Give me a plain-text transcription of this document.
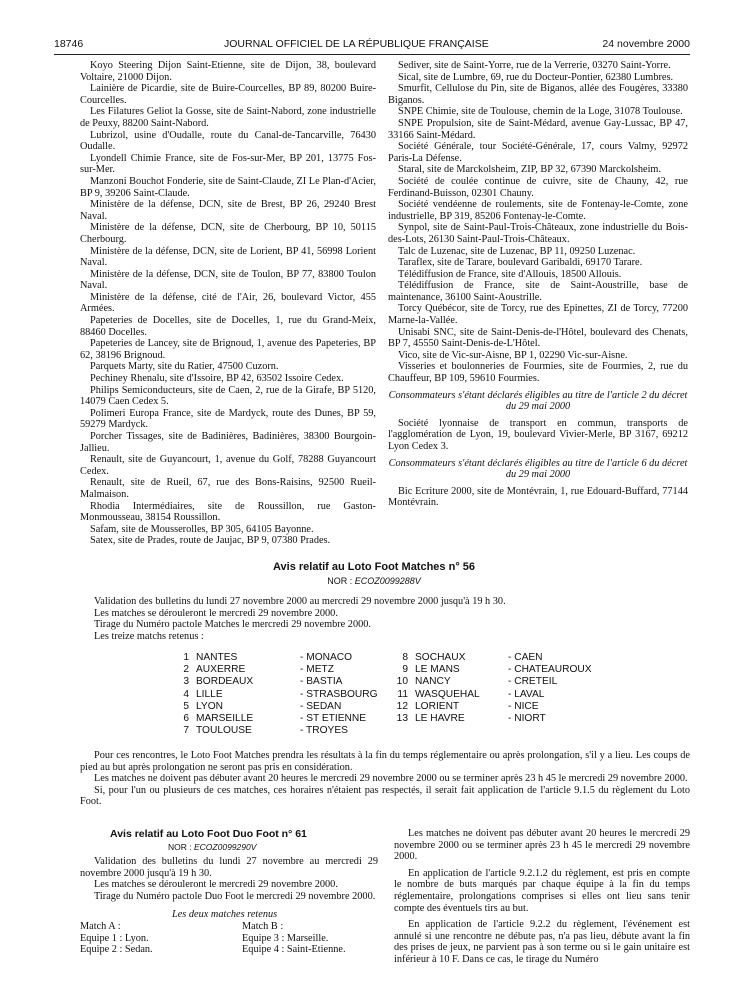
18746	JOURNAL OFFICIEL DE LA RÉPUBLIQUE FRANÇAISE	24 novembre 2000

Koyo Steering Dijon Saint-Etienne, site de Dijon, 38, boulevard Voltaire, 21000 Dijon.

Lainière de Picardie, site de Buire-Courcelles, BP 89, 80200 Buire-Courcelles.

Les Filatures Geliot la Gosse, site de Saint-Nabord, zone industrielle de Peuxy, 88200 Saint-Nabord.

Lubrizol, usine d'Oudalle, route du Canal-de-Tancarville, 76430 Oudalle.

Lyondell Chimie France, site de Fos-sur-Mer, BP 201, 13775 Fos-sur-Mer.

Manzoni Bouchot Fonderie, site de Saint-Claude, ZI Le Plan-d'Acier, BP 9, 39206 Saint-Claude.

Ministère de la défense, DCN, site de Brest, BP 26, 29240 Brest Naval.

Ministère de la défense, DCN, site de Cherbourg, BP 10, 50115 Cherbourg.

Ministère de la défense, DCN, site de Lorient, BP 41, 56998 Lorient Naval.

Ministère de la défense, DCN, site de Toulon, BP 77, 83800 Toulon Naval.

Ministère de la défense, cité de l'Air, 26, boulevard Victor, 455 Armées.

Papeteries de Docelles, site de Docelles, 1, rue du Grand-Meix, 88460 Docelles.

Papeteries de Lancey, site de Brignoud, 1, avenue des Papeteries, BP 62, 38196 Brignoud.

Parquets Marty, site du Ratier, 47500 Cuzorn.

Pechiney Rhenalu, site d'Issoire, BP 42, 63502 Issoire Cedex.

Philips Semiconducteurs, site de Caen, 2, rue de la Girafe, BP 5120, 14079 Caen Cedex 5.

Polimeri Europa France, site de Mardyck, route des Dunes, BP 59, 59279 Mardyck.

Porcher Tissages, site de Badinières, Badinières, 38300 Bourgoin-Jallieu.

Renault, site de Guyancourt, 1, avenue du Golf, 78288 Guyancourt Cedex.

Renault, site de Rueil, 67, rue des Bons-Raisins, 92500 Rueil-Malmaison.

Rhodia Intermédiaires, site de Roussillon, rue Gaston-Monmousseau, 38154 Roussillon.

Safam, site de Mousserolles, BP 305, 64105 Bayonne.

Satex, site de Prades, route de Jaujac, BP 9, 07380 Prades.

Sediver, site de Saint-Yorre, rue de la Verrerie, 03270 Saint-Yorre.

Sical, site de Lumbre, 69, rue du Docteur-Pontier, 62380 Lumbres.

Smurfit, Cellulose du Pin, site de Biganos, allée des Fougères, 33380 Biganos.

SNPE Chimie, site de Toulouse, chemin de la Loge, 31078 Toulouse.

SNPE Propulsion, site de Saint-Médard, avenue Gay-Lussac, BP 47, 33166 Saint-Médard.

Société Générale, tour Société-Générale, 17, cours Valmy, 92972 Paris-La Défense.

Staral, site de Marckolsheim, ZIP, BP 32, 67390 Marckolsheim.

Société de coulée continue de cuivre, site de Chauny, 42, rue Ferdinand-Buisson, 02301 Chauny.

Société vendéenne de roulements, site de Fontenay-le-Comte, zone industrielle, BP 319, 85206 Fontenay-le-Comte.

Synpol, site de Saint-Paul-Trois-Châteaux, zone industrielle du Bois-des-Lots, 26130 Saint-Paul-Trois-Châteaux.

Talc de Luzenac, site de Luzenac, BP 11, 09250 Luzenac.

Taraflex, site de Tarare, boulevard Garibaldi, 69170 Tarare.

Télédiffusion de France, site d'Allouis, 18500 Allouis.

Télédiffusion de France, site de Saint-Aoustrille, base de maintenance, 36100 Saint-Aoustrille.

Torcy Québécor, site de Torcy, rue des Epinettes, ZI de Torcy, 77200 Marne-la-Vallée.

Unisabi SNC, site de Saint-Denis-de-l'Hôtel, boulevard des Chenats, BP 7, 45550 Saint-Denis-de-L'Hôtel.

Vico, site de Vic-sur-Aisne, BP 1, 02290 Vic-sur-Aisne.

Visseries et boulonneries de Fourmies, site de Fourmies, 2, rue du Chauffeur, BP 109, 59610 Fourmies.

Consommateurs s'étant déclarés éligibles au titre de l'article 2 du décret du 29 mai 2000

Société lyonnaise de transport en commun, transports de l'agglomération de Lyon, 19, boulevard Vivier-Merle, BP 3167, 69212 Lyon Cedex 3.

Consommateurs s'étant déclarés éligibles au titre de l'article 6 du décret du 29 mai 2000

Bic Ecriture 2000, site de Montévrain, 1, rue Edouard-Buffard, 77144 Montévrain.

Avis relatif au Loto Foot Matches n° 56
NOR : ECOZ0099288V

Validation des bulletins du lundi 27 novembre 2000 au mercredi 29 novembre 2000 jusqu'à 19 h 30.

Les matches se dérouleront le mercredi 29 novembre 2000.

Tirage du Numéro pactole Matches le mercredi 29 novembre 2000.

Les treize matchs retenus :

1
2
3
4
5
6
7
NANTES
AUXERRE
BORDEAUX
LILLE
LYON
MARSEILLE
TOULOUSE
- MONACO
- METZ
- BASTIA
- STRASBOURG
- SEDAN
- ST ETIENNE
- TROYES
8
9
10
11
12
13
SOCHAUX
LE MANS
NANCY
WASQUEHAL
LORIENT
LE HAVRE
- CAEN
- CHATEAUROUX
- CRETEIL
- LAVAL
- NICE
- NIORT

Pour ces rencontres, le Loto Foot Matches prendra les résultats à la fin du temps réglementaire ou après prolongation, s'il y a lieu. Les coups de pied au but après prolongation ne seront pas pris en considération.

Les matches ne doivent pas débuter avant 20 heures le mercredi 29 novembre 2000 ou se terminer après 23 h 45 le mercredi 29 novembre 2000.

Si, pour l'un ou plusieurs de ces matches, ces horaires n'étaient pas respectés, il serait fait application de l'article 9.1.5 du règlement du Loto Foot.

Avis relatif au Loto Foot Duo Foot n° 61
NOR : ECOZ0099290V

Validation des bulletins du lundi 27 novembre au mercredi 29 novembre 2000 jusqu'à 19 h 30.

Les matches se dérouleront le mercredi 29 novembre 2000.

Tirage du Numéro pactole Duo Foot le mercredi 29 novembre 2000.

Les deux matches retenus
Match A :
Equipe 1 : Lyon.
Equipe 2 : Sedan.
Match B :
Equipe 3 : Marseille.
Equipe 4 : Saint-Etienne.

Les matches ne doivent pas débuter avant 20 heures le mercredi 29 novembre 2000 ou se terminer après 23 h 45 le mercredi 29 novembre 2000.

En application de l'article 9.2.1.2 du règlement, est pris en compte le nombre de buts marqués par chaque équipe à la fin du temps réglementaire, prolongations comprises si elles ont lieu sans tenir compte des éventuels tirs au but.

En application de l'article 9.2.2 du règlement, l'événement est annulé si une rencontre ne débute pas, n'a pas lieu, débute avant la fin des prises de jeux, ne parvient pas à son terme ou si le gain unitaire est inférieur à 10 F. Dans ce cas, le tirage du Numéro
